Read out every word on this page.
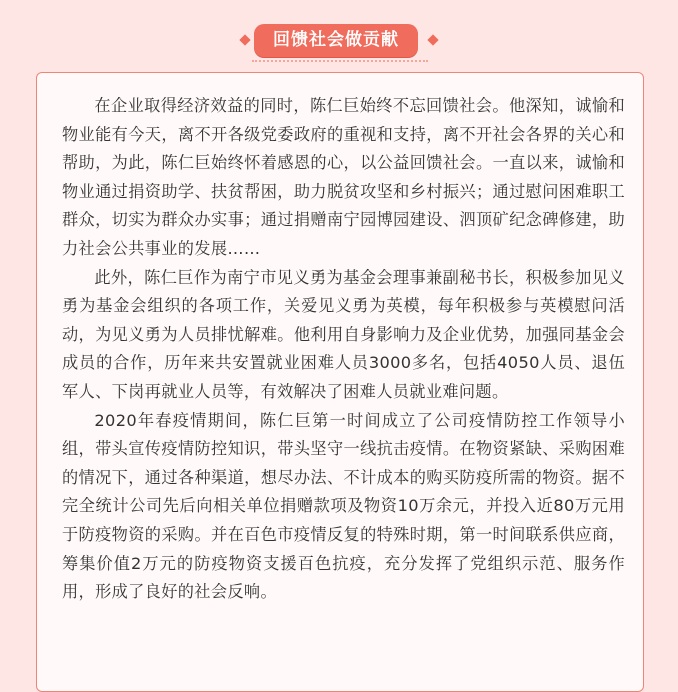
回馈社会做贡献

在企业取得经济效益的同时，陈仁巨始终不忘回馈社会。他深知，诚愉和物业能有今天，离不开各级党委政府的重视和支持，离不开社会各界的关心和帮助，为此，陈仁巨始终怀着感恩的心，以公益回馈社会。一直以来，诚愉和物业通过捐资助学、扶贫帮困，助力脱贫攻坚和乡村振兴；通过慰问困难职工群众，切实为群众办实事；通过捐赠南宁园博园建设、泗顶矿纪念碑修建，助力社会公共事业的发展……

此外，陈仁巨作为南宁市见义勇为基金会理事兼副秘书长，积极参加见义勇为基金会组织的各项工作，关爱见义勇为英模，每年积极参与英模慰问活动，为见义勇为人员排忧解难。他利用自身影响力及企业优势，加强同基金会成员的合作，历年来共安置就业困难人员3000多名，包括4050人员、退伍军人、下岗再就业人员等，有效解决了困难人员就业难问题。

2020年春疫情期间，陈仁巨第一时间成立了公司疫情防控工作领导小组，带头宣传疫情防控知识，带头坚守一线抗击疫情。在物资紧缺、采购困难的情况下，通过各种渠道，想尽办法、不计成本的购买防疫所需的物资。据不完全统计公司先后向相关单位捐赠款项及物资10万余元，并投入近80万元用于防疫物资的采购。并在百色市疫情反复的特殊时期，第一时间联系供应商，筹集价值2万元的防疫物资支援百色抗疫，充分发挥了党组织示范、服务作用，形成了良好的社会反响。
